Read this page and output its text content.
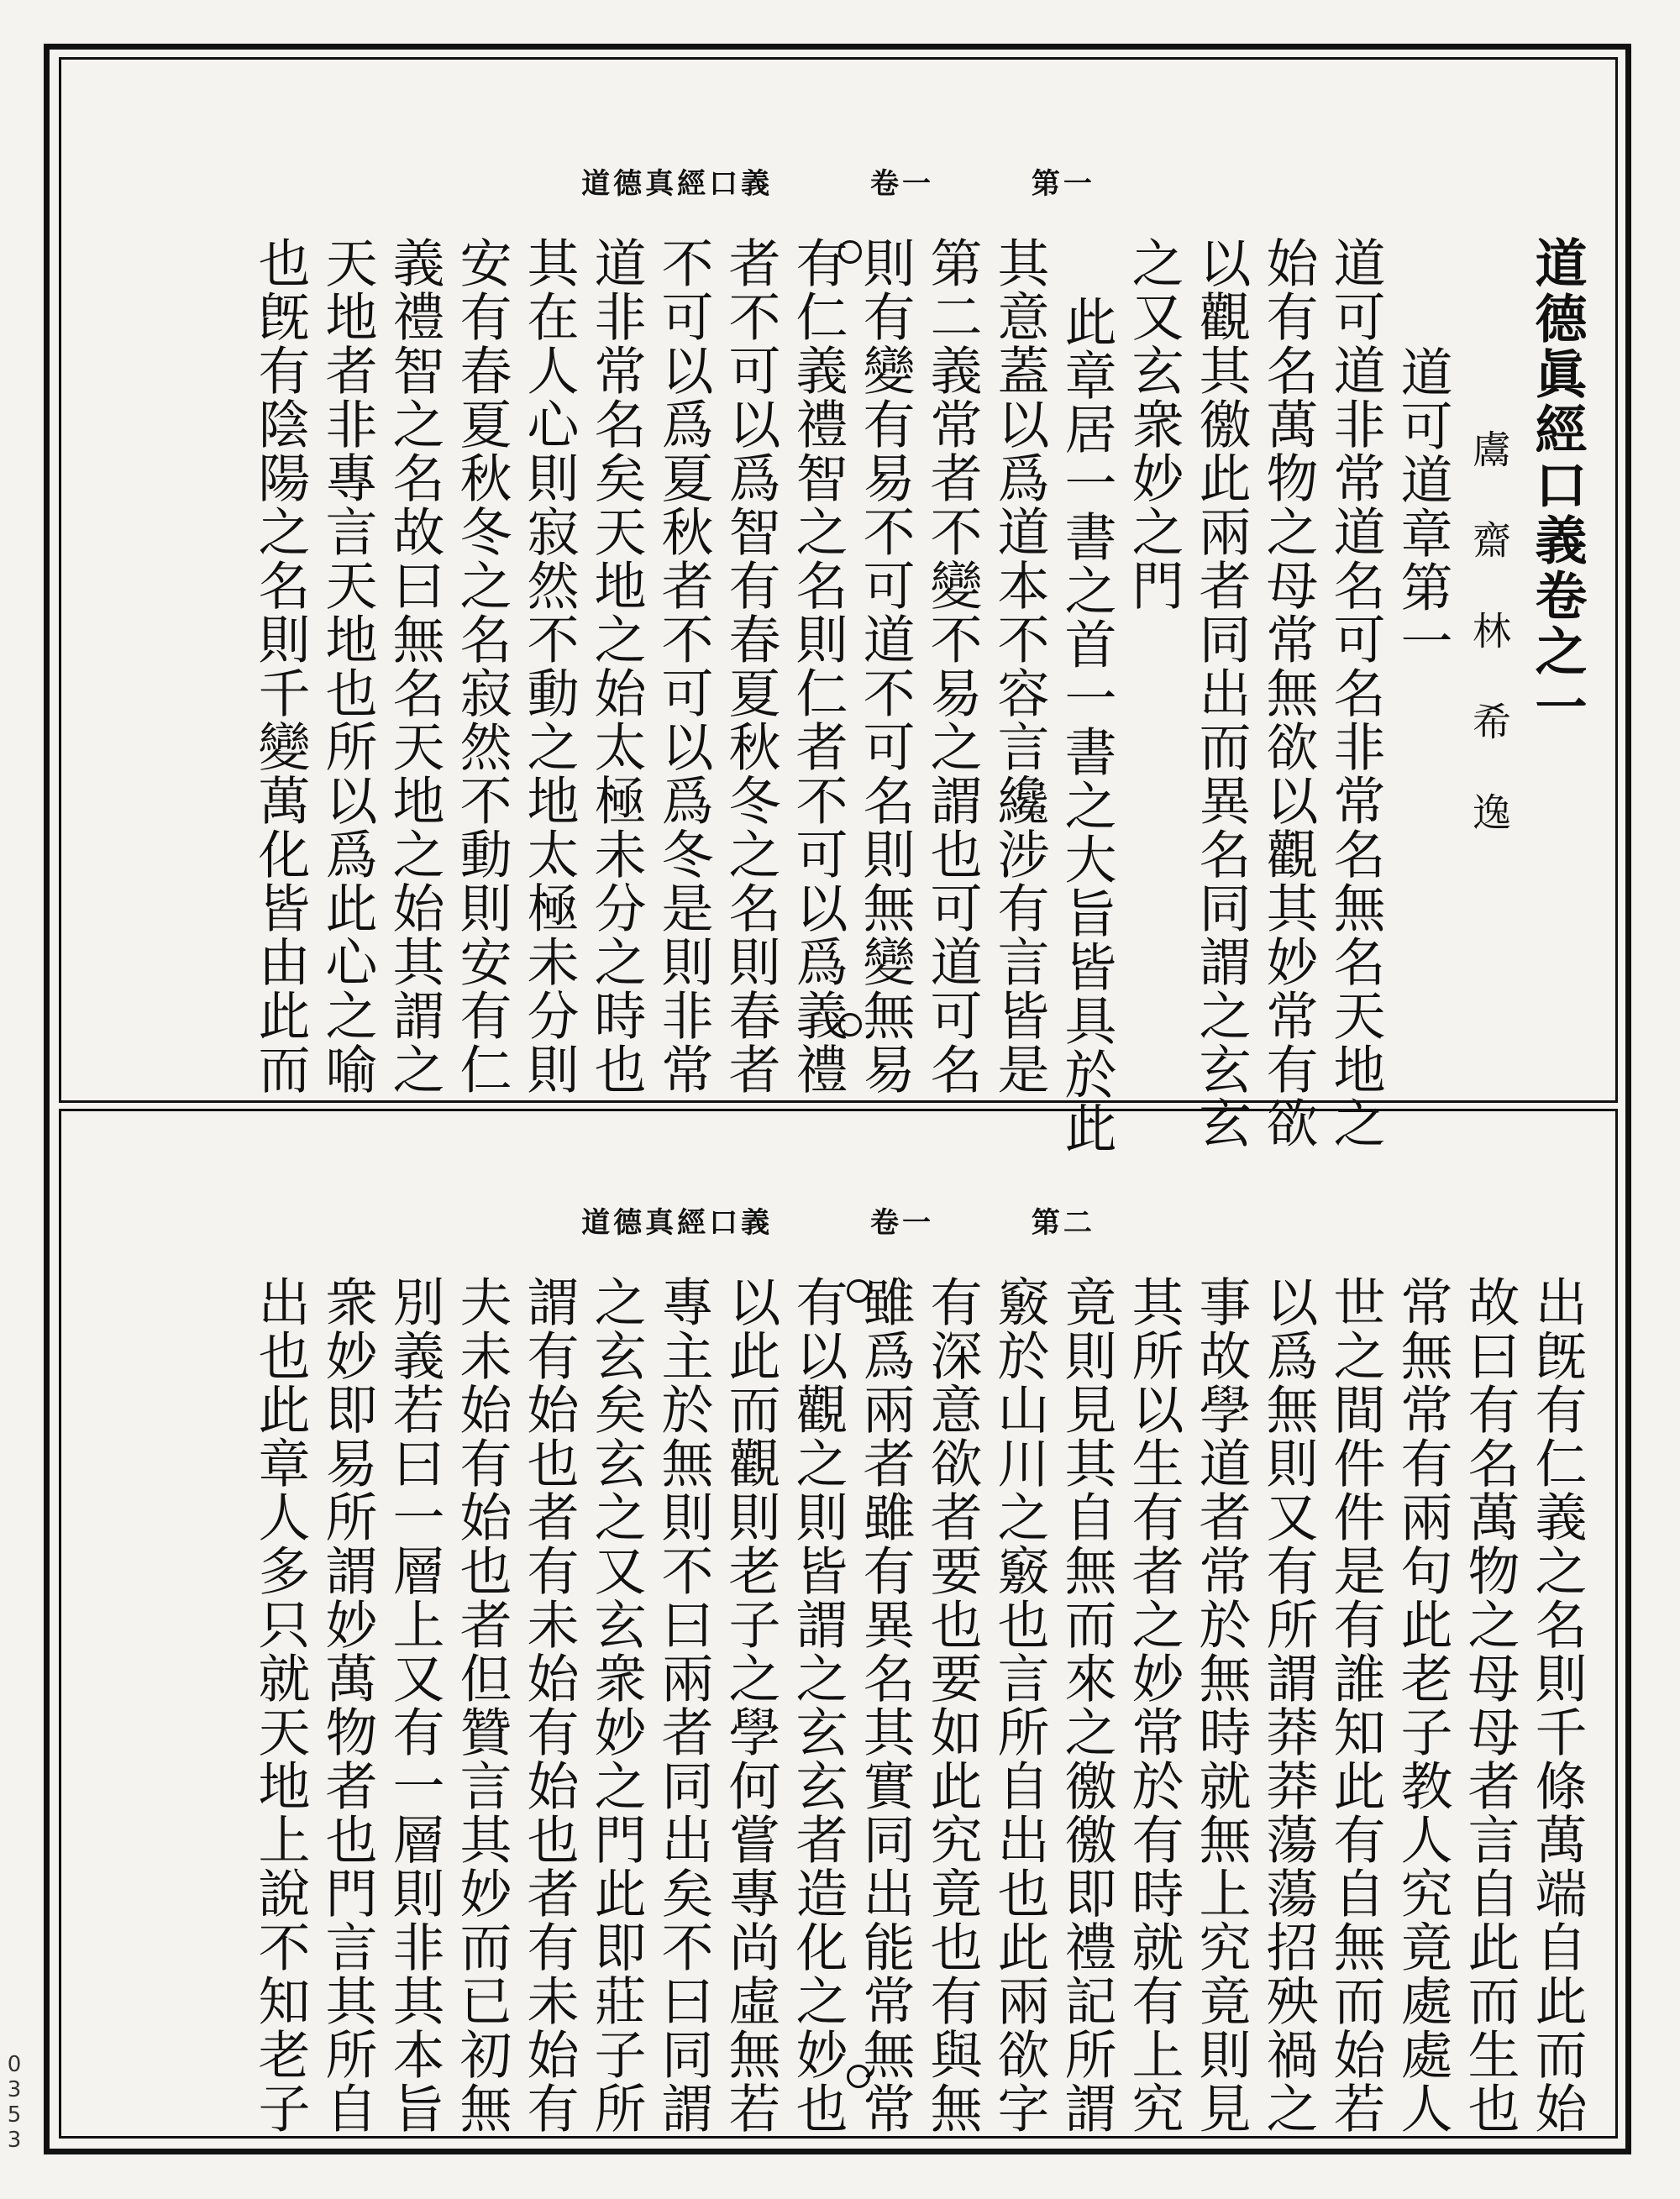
道德真經口義	卷一	第一
道德眞經口義卷之一
鬳齋林希逸
道可道章第一
道可道非常道名可名非常名無名天地之
始有名萬物之母常無欲以觀其妙常有欲
以觀其徼此兩者同出而異名同謂之玄玄
之又玄衆妙之門
此章居一書之首一書之大旨皆具於此
其意蓋以爲道本不容言纔涉有言皆是
第二義常者不變不易之謂也可道可名
則有變有易不可道不可名則無變無易
有仁義禮智之名則仁者不可以爲義禮
者不可以爲智有春夏秋冬之名則春者
不可以爲夏秋者不可以爲冬是則非常
道非常名矣天地之始太極未分之時也
其在人心則寂然不動之地太極未分則
安有春夏秋冬之名寂然不動則安有仁
義禮智之名故曰無名天地之始其謂之
天地者非專言天地也所以爲此心之喻
也旣有陰陽之名則千變萬化皆由此而
道德真經口義	卷一	第二
出旣有仁義之名則千條萬端自此而始
故曰有名萬物之母母者言自此而生也
常無常有兩句此老子教人究竟處處人
世之間件件是有誰知此有自無而始若
以爲無則又有所謂莽莽蕩蕩招殃禍之
事故學道者常於無時就無上究竟則見
其所以生有者之妙常於有時就有上究
竟則見其自無而來之徼徼即禮記所謂
竅於山川之竅也言所自出也此兩欲字
有深意欲者要也要如此究竟也有與無
雖爲兩者雖有異名其實同出能常無常
有以觀之則皆謂之玄玄者造化之妙也
以此而觀則老子之學何嘗專尚虛無若
專主於無則不曰兩者同出矣不曰同謂
之玄矣玄之又玄衆妙之門此即莊子所
謂有始也者有未始有始也者有未始有
夫未始有始也者但贊言其妙而已初無
別義若曰一層上又有一層則非其本旨
衆妙即易所謂妙萬物者也門言其所自
出也此章人多只就天地上說不知老子
0
3
5
3
